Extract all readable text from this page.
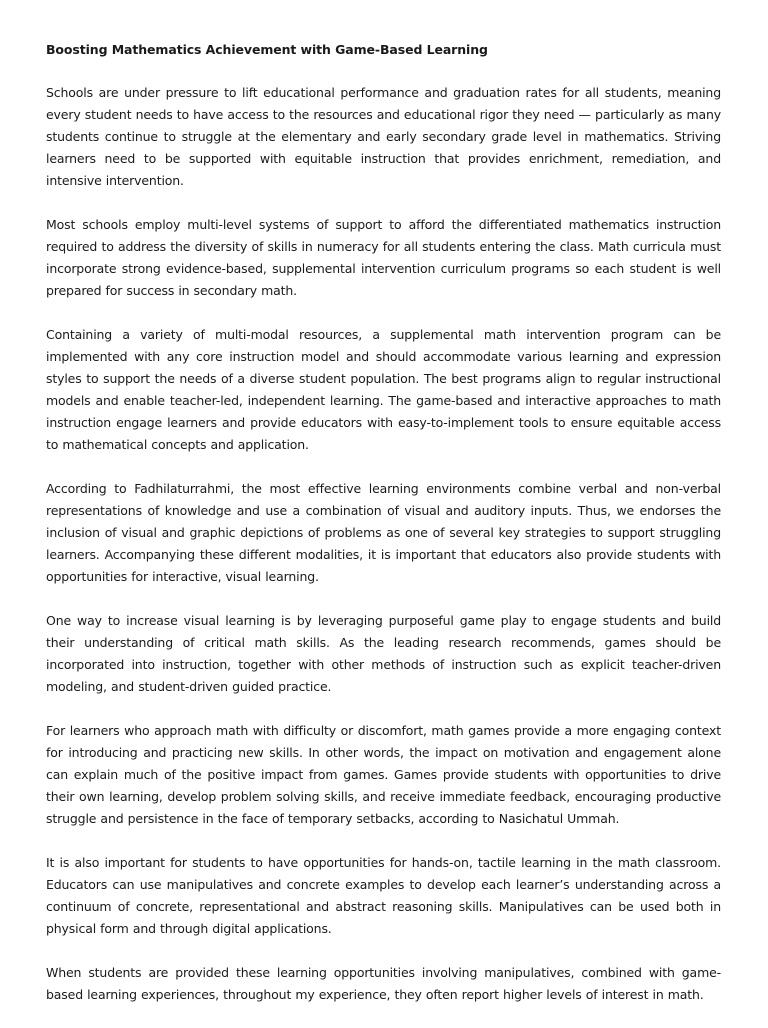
Boosting Mathematics Achievement with Game-Based Learning

Schools are under pressure to lift educational performance and graduation rates for all students, meaning every student needs to have access to the resources and educational rigor they need — particularly as many students continue to struggle at the elementary and early secondary grade level in mathematics. Striving learners need to be supported with equitable instruction that provides enrichment, remediation, and intensive intervention.

Most schools employ multi-level systems of support to afford the differentiated mathematics instruction required to address the diversity of skills in numeracy for all students entering the class. Math curricula must incorporate strong evidence-based, supplemental intervention curriculum programs so each student is well prepared for success in secondary math.

Containing a variety of multi-modal resources, a supplemental math intervention program can be implemented with any core instruction model and should accommodate various learning and expression styles to support the needs of a diverse student population. The best programs align to regular instructional models and enable teacher-led, independent learning. The game-based and interactive approaches to math instruction engage learners and provide educators with easy-to-implement tools to ensure equitable access to mathematical concepts and application.

According to Fadhilaturrahmi, the most effective learning environments combine verbal and non-verbal representations of knowledge and use a combination of visual and auditory inputs. Thus, we endorses the inclusion of visual and graphic depictions of problems as one of several key strategies to support struggling learners. Accompanying these different modalities, it is important that educators also provide students with opportunities for interactive, visual learning.

One way to increase visual learning is by leveraging purposeful game play to engage students and build their understanding of critical math skills. As the leading research recommends, games should be incorporated into instruction, together with other methods of instruction such as explicit teacher-driven modeling, and student-driven guided practice.

For learners who approach math with difficulty or discomfort, math games provide a more engaging context for introducing and practicing new skills. In other words, the impact on motivation and engagement alone can explain much of the positive impact from games. Games provide students with opportunities to drive their own learning, develop problem solving skills, and receive immediate feedback, encouraging productive struggle and persistence in the face of temporary setbacks, according to Nasichatul Ummah.

It is also important for students to have opportunities for hands-on, tactile learning in the math classroom. Educators can use manipulatives and concrete examples to develop each learner’s understanding across a continuum of concrete, representational and abstract reasoning skills. Manipulatives can be used both in physical form and through digital applications.

When students are provided these learning opportunities involving manipulatives, combined with game-based learning experiences, throughout my experience, they often report higher levels of interest in math.
